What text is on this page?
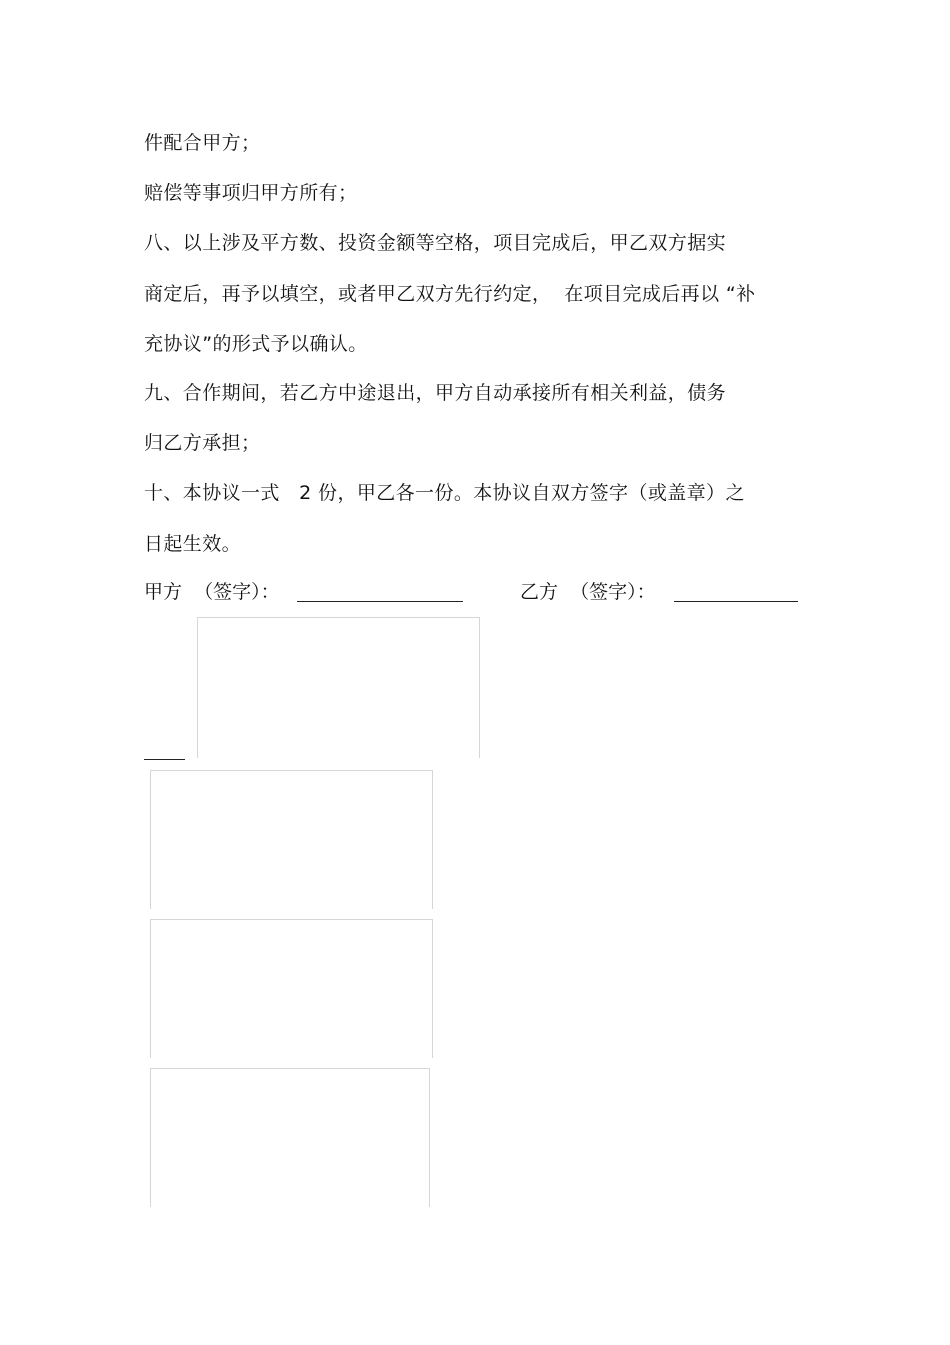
件配合甲方；
赔偿等事项归甲方所有；
八、以上涉及平方数、投资金额等空格，项目完成后，甲乙双方据实
商定后，再予以填空，或者甲乙双方先行约定，  在项目完成后再以 “补
充协议”的形式予以确认。
九、合作期间，若乙方中途退出，甲方自动承接所有相关利益，债务
归乙方承担；
十、本协议一式   2 份，甲乙各一份。本协议自双方签字（或盖章）之
日起生效。

甲方  （签字）：

	乙方  （签字）：
